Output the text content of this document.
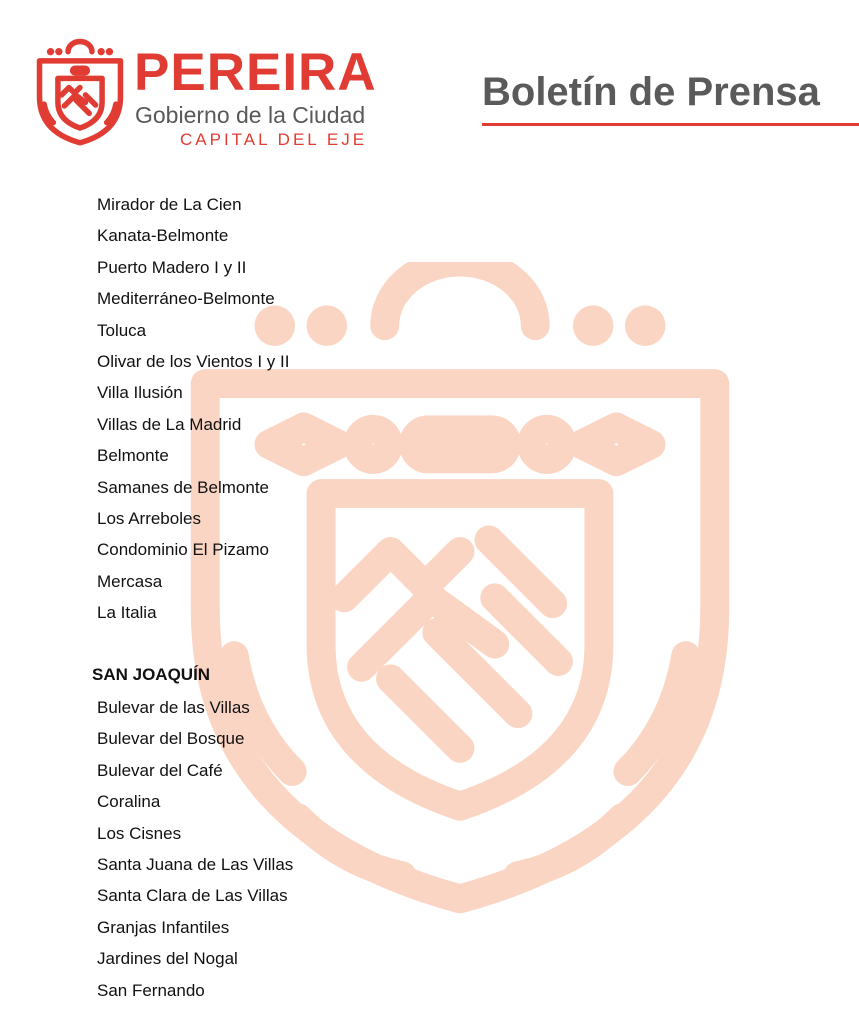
PEREIRA
Gobierno de la Ciudad
CAPITAL DEL EJE
Boletín de Prensa
Mirador de La Cien
Kanata-Belmonte
Puerto Madero I y II
Mediterráneo-Belmonte
Toluca
Olivar de los Vientos I y II
Villa Ilusión
Villas de La Madrid
Belmonte
Samanes de Belmonte
Los Arreboles
Condominio El Pizamo
Mercasa
La Italia
SAN JOAQUÍN
Bulevar de las Villas
Bulevar del Bosque
Bulevar del Café
Coralina
Los Cisnes
Santa Juana de Las Villas
Santa Clara de Las Villas
Granjas Infantiles
Jardines del Nogal
San Fernando
